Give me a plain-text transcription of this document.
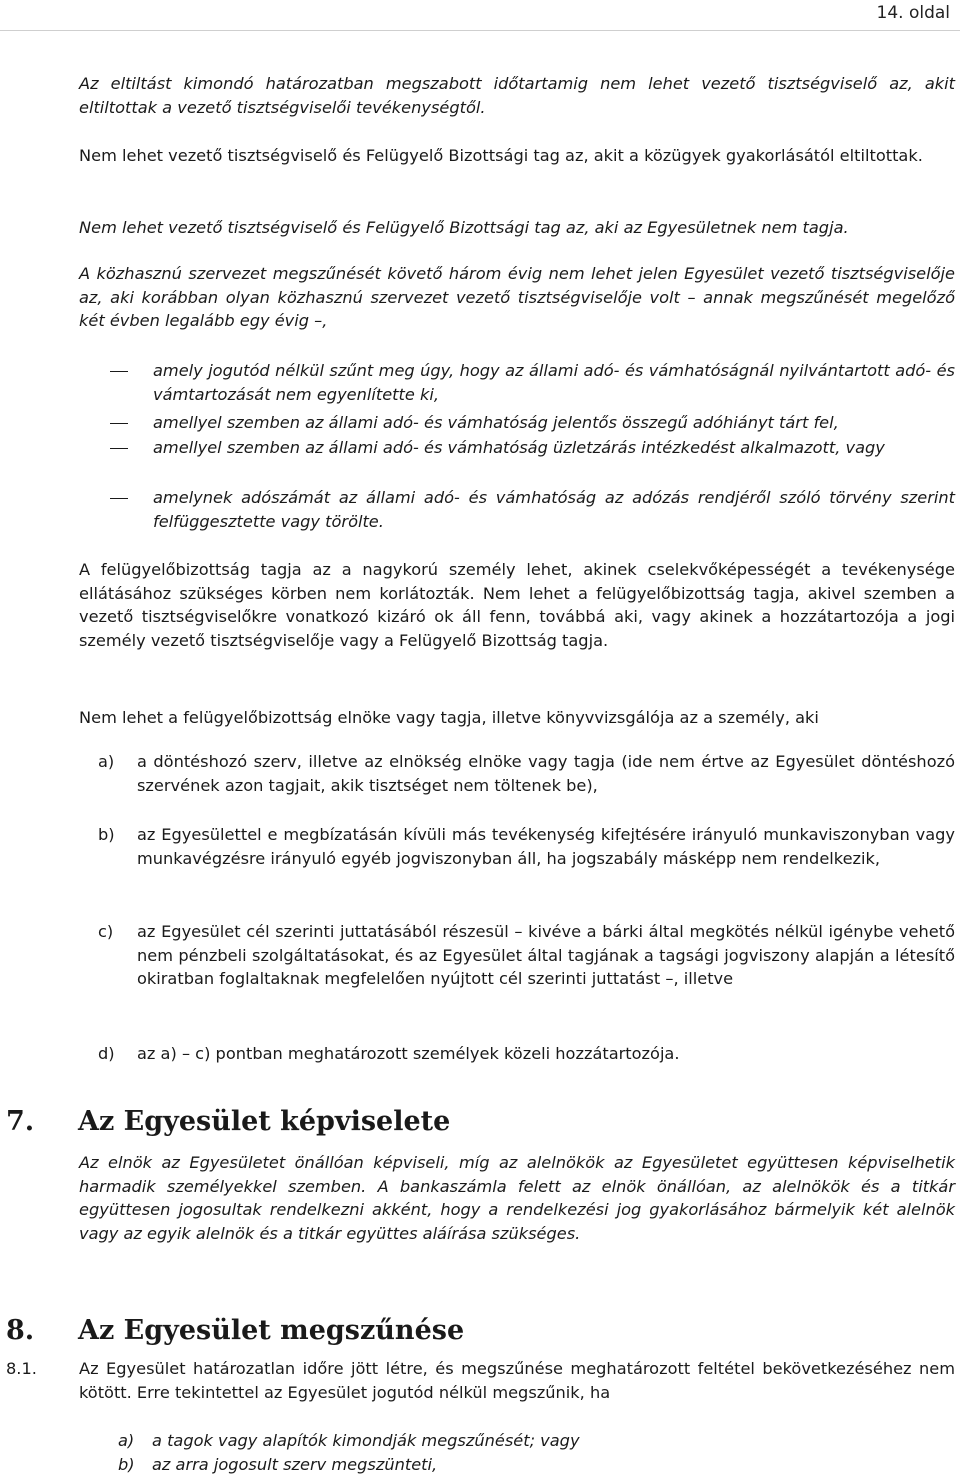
14. oldal

Az eltiltást kimondó határozatban megszabott időtartamig nem lehet vezető tisztségviselő az, akit eltiltottak a vezető tisztségviselői tevékenységtől.

Nem lehet vezető tisztségviselő és Felügyelő Bizottsági tag az, akit a közügyek gyakorlásától eltiltottak.

Nem lehet vezető tisztségviselő és Felügyelő Bizottsági tag az, aki az Egyesületnek nem tagja.

A közhasznú szervezet megszűnését követő három évig nem lehet jelen Egyesület vezető tisztségviselője az, aki korábban olyan közhasznú szervezet vezető tisztségviselője volt – annak megszűnését megelőző két évben legalább egy évig –,

amely jogutód nélkül szűnt meg úgy, hogy az állami adó- és vámhatóságnál nyilvántartott adó- és vámtartozását nem egyenlítette ki,
amellyel szemben az állami adó- és vámhatóság jelentős összegű adóhiányt tárt fel,
amellyel szemben az állami adó- és vámhatóság üzletzárás intézkedést alkalmazott, vagy
amelynek adószámát az állami adó- és vámhatóság az adózás rendjéről szóló törvény szerint felfüggesztette vagy törölte.

A felügyelőbizottság tagja az a nagykorú személy lehet, akinek cselekvőképességét a tevékenysége ellátásához szükséges körben nem korlátozták. Nem lehet a felügyelőbizottság tagja, akivel szemben a vezető tisztségviselőkre vonatkozó kizáró ok áll fenn, továbbá aki, vagy akinek a hozzátartozója a jogi személy vezető tisztségviselője vagy a Felügyelő Bizottság tagja.

Nem lehet a felügyelőbizottság elnöke vagy tagja, illetve könyvvizsgálója az a személy, aki

a) a döntéshozó szerv, illetve az elnökség elnöke vagy tagja (ide nem értve az Egyesület döntéshozó szervének azon tagjait, akik tisztséget nem töltenek be),
b) az Egyesülettel e megbízatásán kívüli más tevékenység kifejtésére irányuló munkaviszonyban vagy munkavégzésre irányuló egyéb jogviszonyban áll, ha jogszabály másképp nem rendelkezik,
c) az Egyesület cél szerinti juttatásából részesül – kivéve a bárki által megkötés nélkül igénybe vehető nem pénzbeli szolgáltatásokat, és az Egyesület által tagjának a tagsági jogviszony alapján a létesítő okiratban foglaltaknak megfelelően nyújtott cél szerinti juttatást –, illetve
d) az a) – c) pontban meghatározott személyek közeli hozzátartozója.
7. Az Egyesület képviselete

Az elnök az Egyesületet önállóan képviseli, míg az alelnökök az Egyesületet együttesen képviselhetik harmadik személyekkel szemben. A bankaszámla felett az elnök önállóan, az alelnökök és a titkár együttesen jogosultak rendelkezni akként, hogy a rendelkezési jog gyakorlásához bármelyik két alelnök vagy az egyik alelnök és a titkár együttes aláírása szükséges.

8. Az Egyesület megszűnése
8.1.	Az Egyesület határozatlan időre jött létre, és megszűnése meghatározott feltétel bekövetkezéséhez nem kötött. Erre tekintettel az Egyesület jogutód nélkül megszűnik, ha

a) a tagok vagy alapítók kimondják megszűnését; vagy
b) az arra jogosult szerv megszünteti,
